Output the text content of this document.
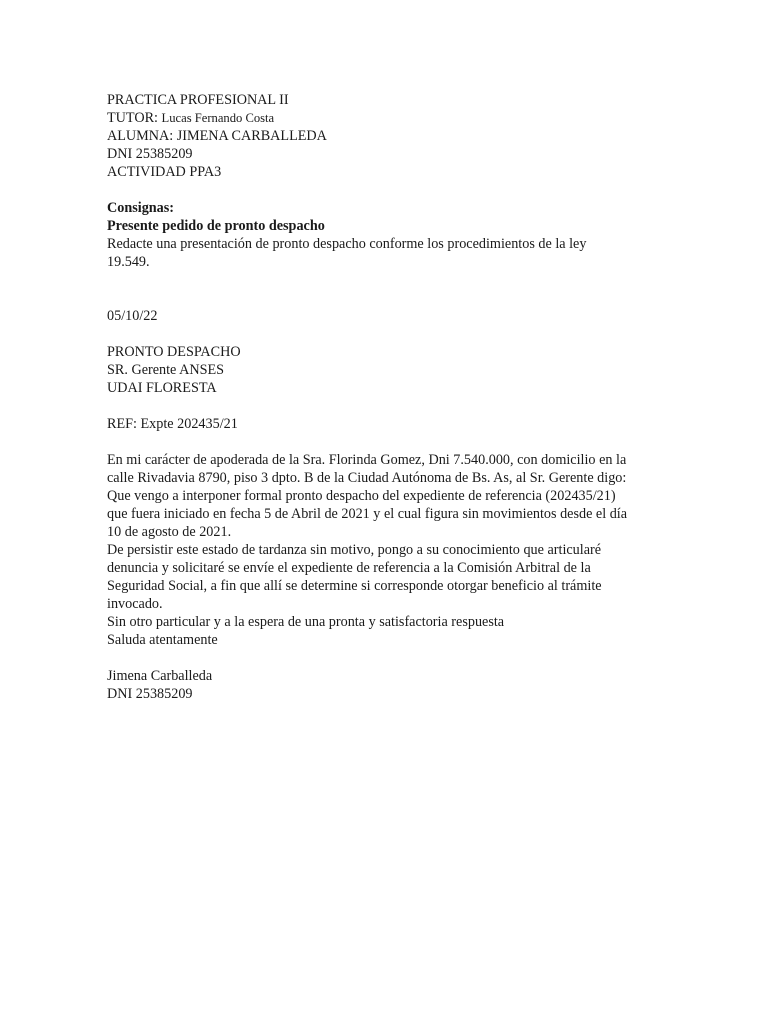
PRACTICA PROFESIONAL II
TUTOR: Lucas Fernando Costa
ALUMNA: JIMENA CARBALLEDA
DNI 25385209
ACTIVIDAD PPA3
Consignas:
Presente pedido de pronto despacho
Redacte una presentación de pronto despacho conforme los procedimientos de la ley
19.549.
05/10/22
PRONTO DESPACHO
SR. Gerente ANSES
UDAI FLORESTA
REF: Expte 202435/21
En mi carácter de apoderada de la Sra. Florinda Gomez, Dni 7.540.000, con domicilio en la
calle Rivadavia 8790, piso 3 dpto. B de la Ciudad Autónoma de Bs. As, al Sr. Gerente digo:
Que vengo a interponer formal pronto despacho del expediente de referencia (202435/21)
que fuera iniciado en fecha 5 de Abril de 2021 y el cual figura sin movimientos desde el día
10 de agosto de 2021.
De persistir este estado de tardanza sin motivo, pongo a su conocimiento que articularé
denuncia y solicitaré se envíe el expediente de referencia a la Comisión Arbitral de la
Seguridad Social, a fin que allí se determine si corresponde otorgar beneficio al trámite
invocado.
Sin otro particular y a la espera de una pronta y satisfactoria respuesta
Saluda atentamente
Jimena Carballeda
DNI 25385209
